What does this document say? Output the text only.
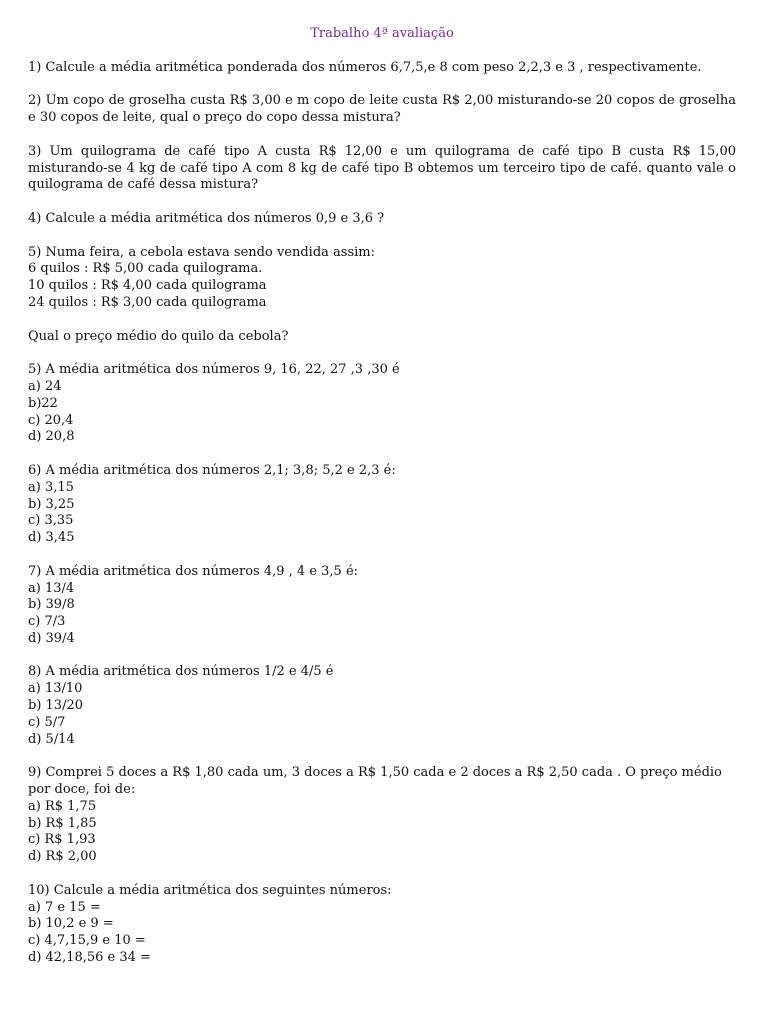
Trabalho 4ª avaliação

1) Calcule a média aritmética ponderada dos números 6,7,5,e 8 com peso 2,2,3 e 3 , respectivamente.

2) Um copo de groselha custa R$ 3,00 e m copo de leite custa R$ 2,00 misturando-se 20 copos de groselha e 30 copos de leite, qual o preço do copo dessa mistura?

3) Um quilograma de café tipo A custa R$ 12,00 e um quilograma de café tipo B custa R$ 15,00 misturando-se 4 kg de café tipo A com 8 kg de café tipo B obtemos um terceiro tipo de café. quanto vale o quilograma de café dessa mistura?

4) Calcule a média aritmética dos números 0,9 e 3,6 ?

5) Numa feira, a cebola estava sendo vendida assim:

6 quilos : R$ 5,00 cada quilograma.

10 quilos : R$ 4,00 cada quilograma

24 quilos : R$ 3,00 cada quilograma

Qual o preço médio do quilo da cebola?

5) A média aritmética dos números 9, 16, 22, 27 ,3 ,30 é

a) 24

b)22

c) 20,4

d) 20,8

6) A média aritmética dos números 2,1; 3,8; 5,2 e 2,3 é:

a) 3,15

b) 3,25

c) 3,35

d) 3,45

7) A média aritmética dos números 4,9 , 4 e 3,5 é:

a) 13/4

b) 39/8

c) 7/3

d) 39/4

8) A média aritmética dos números 1/2 e 4/5 é

a) 13/10

b) 13/20

c) 5/7

d) 5/14

9) Comprei 5 doces a R$ 1,80 cada um, 3 doces a R$ 1,50 cada e 2 doces a R$ 2,50 cada . O preço médio por doce, foi de:

a) R$ 1,75

b) R$ 1,85

c) R$ 1,93

d) R$ 2,00

10) Calcule a média aritmética dos seguintes números:

a) 7 e 15 =

b) 10,2 e 9 =

c) 4,7,15,9 e 10 =

d) 42,18,56 e 34 =
